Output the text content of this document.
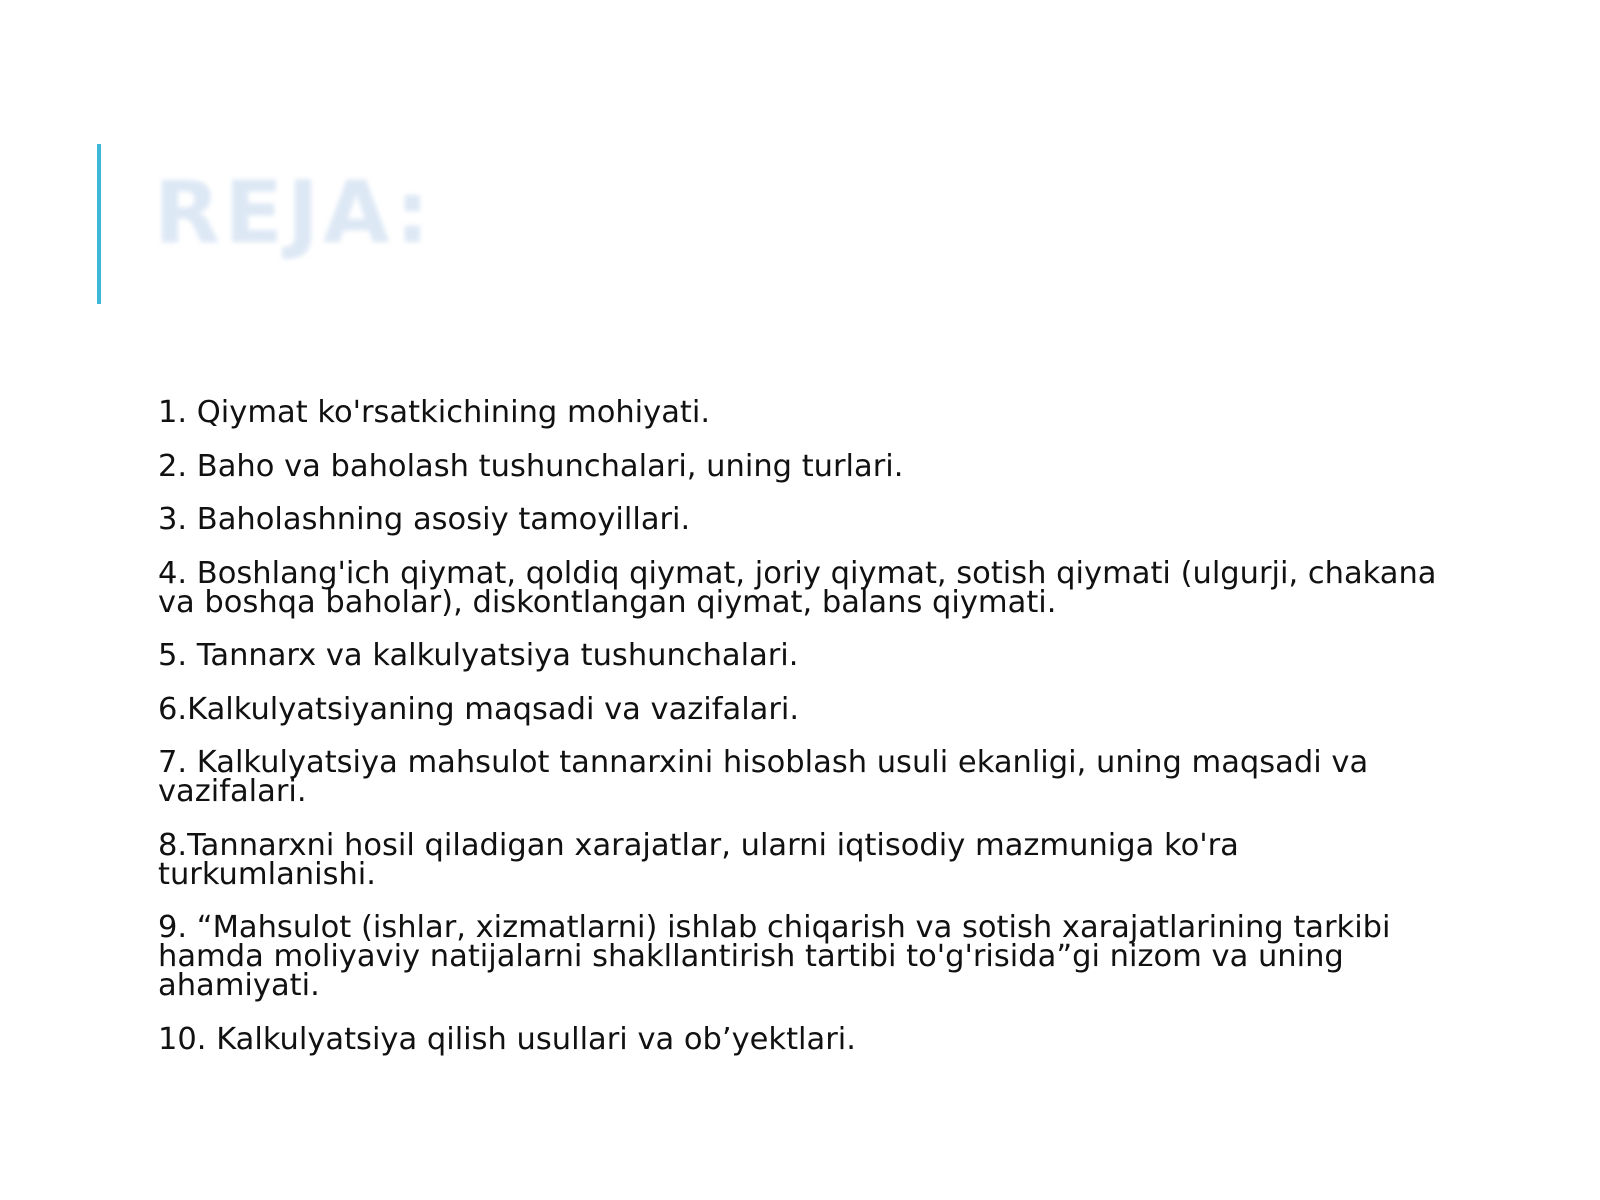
REJA:
1. Qiymat ko'rsatkichining mohiyati.
2. Baho va baholash tushunchalari, uning turlari.
3. Baholashning asosiy tamoyillari.
4. Boshlang'ich qiymat, qoldiq qiymat, joriy qiymat, sotish qiymati (ulgurji, chakana va boshqa baholar), diskontlangan qiymat, balans qiymati.
5. Tannarx va kalkulyatsiya tushunchalari.
6.Kalkulyatsiyaning maqsadi va vazifalari.
7. Kalkulyatsiya mahsulot tannarxini hisoblash usuli ekanligi, uning maqsadi va vazifalari.
8.Tannarxni hosil qiladigan xarajatlar, ularni iqtisodiy mazmuniga ko'ra turkumlanishi.
9. “Mahsulot (ishlar, xizmatlarni) ishlab chiqarish va sotish xarajatlarining tarkibi hamda moliyaviy natijalarni shakllantirish tartibi to'g'risida”gi nizom va uning ahamiyati.
10. Kalkulyatsiya qilish usullari va ob’yektlari.
